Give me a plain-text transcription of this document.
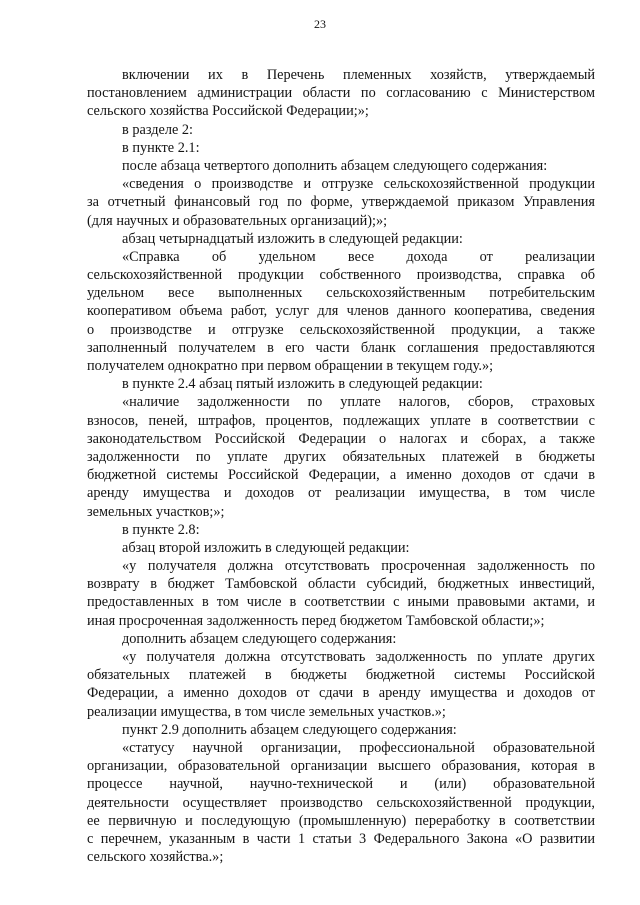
23
включении их в Перечень племенных хозяйств, утверждаемый
постановлением администрации области по согласованию с Министерством
сельского хозяйства Российской Федерации;»;
в разделе 2:
в пункте 2.1:
после абзаца четвертого дополнить абзацем следующего содержания:
«сведения о производстве и отгрузке сельскохозяйственной продукции
за отчетный финансовый год по форме, утверждаемой приказом Управления
(для научных и образовательных организаций);»;
абзац четырнадцатый изложить в следующей редакции:
«Справка об удельном весе дохода от реализации
сельскохозяйственной продукции собственного производства, справка об
удельном весе выполненных сельскохозяйственным потребительским
кооперативом объема работ, услуг для членов данного кооператива, сведения
о производстве и отгрузке сельскохозяйственной продукции, а также
заполненный получателем в его части бланк соглашения предоставляются
получателем однократно при первом обращении в текущем году.»;
в пункте 2.4 абзац пятый изложить в следующей редакции:
«наличие задолженности по уплате налогов, сборов, страховых
взносов, пеней, штрафов, процентов, подлежащих уплате в соответствии с
законодательством Российской Федерации о налогах и сборах, а также
задолженности по уплате других обязательных платежей в бюджеты
бюджетной системы Российской Федерации, а именно доходов от сдачи в
аренду имущества и доходов от реализации имущества, в том числе
земельных участков;»;
в пункте 2.8:
абзац второй изложить в следующей редакции:
«у получателя должна отсутствовать просроченная задолженность по
возврату в бюджет Тамбовской области субсидий, бюджетных инвестиций,
предоставленных в том числе в соответствии с иными правовыми актами, и
иная просроченная задолженность перед бюджетом Тамбовской области;»;
дополнить абзацем следующего содержания:
«у получателя должна отсутствовать задолженность по уплате других
обязательных платежей в бюджеты бюджетной системы Российской
Федерации, а именно доходов от сдачи в аренду имущества и доходов от
реализации имущества, в том числе земельных участков.»;
пункт 2.9 дополнить абзацем следующего содержания:
«статусу научной организации, профессиональной образовательной
организации, образовательной организации высшего образования, которая в
процессе научной, научно-технической и (или) образовательной
деятельности осуществляет производство сельскохозяйственной продукции,
ее первичную и последующую (промышленную) переработку в соответствии
с перечнем, указанным в части 1 статьи 3 Федерального Закона «О развитии
сельского хозяйства.»;
